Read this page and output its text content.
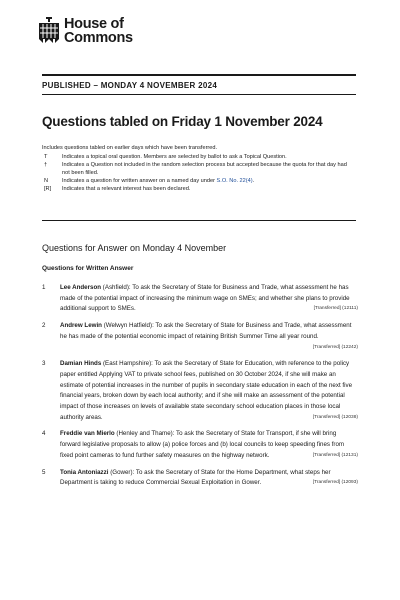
House of
Commons
PUBLISHED – MONDAY 4 NOVEMBER 2024
Questions tabled on Friday 1 November 2024
Includes questions tabled on earlier days which have been transferred.
T	Indicates a topical oral question. Members are selected by ballot to ask a Topical Question.
†	Indicates a Question not included in the random selection process but accepted because the quota for that day had not been filled.
N	Indicates a question for written answer on a named day under S.O. No. 22(4).
[R]	Indicates that a relevant interest has been declared.
Questions for Answer on Monday 4 November
Questions for Written Answer
1	Lee Anderson (Ashfield): To ask the Secretary of State for Business and Trade, what assessment he has made of the potential impact of increasing the minimum wage on SMEs; and whether she plans to provide additional support to SMEs.	[Transferred] (12111)
2	Andrew Lewin (Welwyn Hatfield): To ask the Secretary of State for Business and Trade, what assessment he has made of the potential economic impact of retaining British Summer Time all year round.
[Transferred] (12242)
3	Damian Hinds (East Hampshire): To ask the Secretary of State for Education, with reference to the policy paper entitled Applying VAT to private school fees, published on 30 October 2024, if she will make an estimate of potential increases in the number of pupils in secondary state education in each of the next five financial years, broken down by each local authority; and if she will make an assessment of the potential impact of those increases on levels of available state secondary school education places in those local authority areas.	[Transferred] (12038)
4	Freddie van Mierlo (Henley and Thame): To ask the Secretary of State for Transport, if she will bring forward legislative proposals to allow (a) police forces and (b) local councils to keep speeding fines from fixed point cameras to fund further safety measures on the highway network.	[Transferred] (12131)
5	Tonia Antoniazzi (Gower): To ask the Secretary of State for the Home Department, what steps her Department is taking to reduce Commercial Sexual Exploitation in Gower.	[Transferred] (12093)
